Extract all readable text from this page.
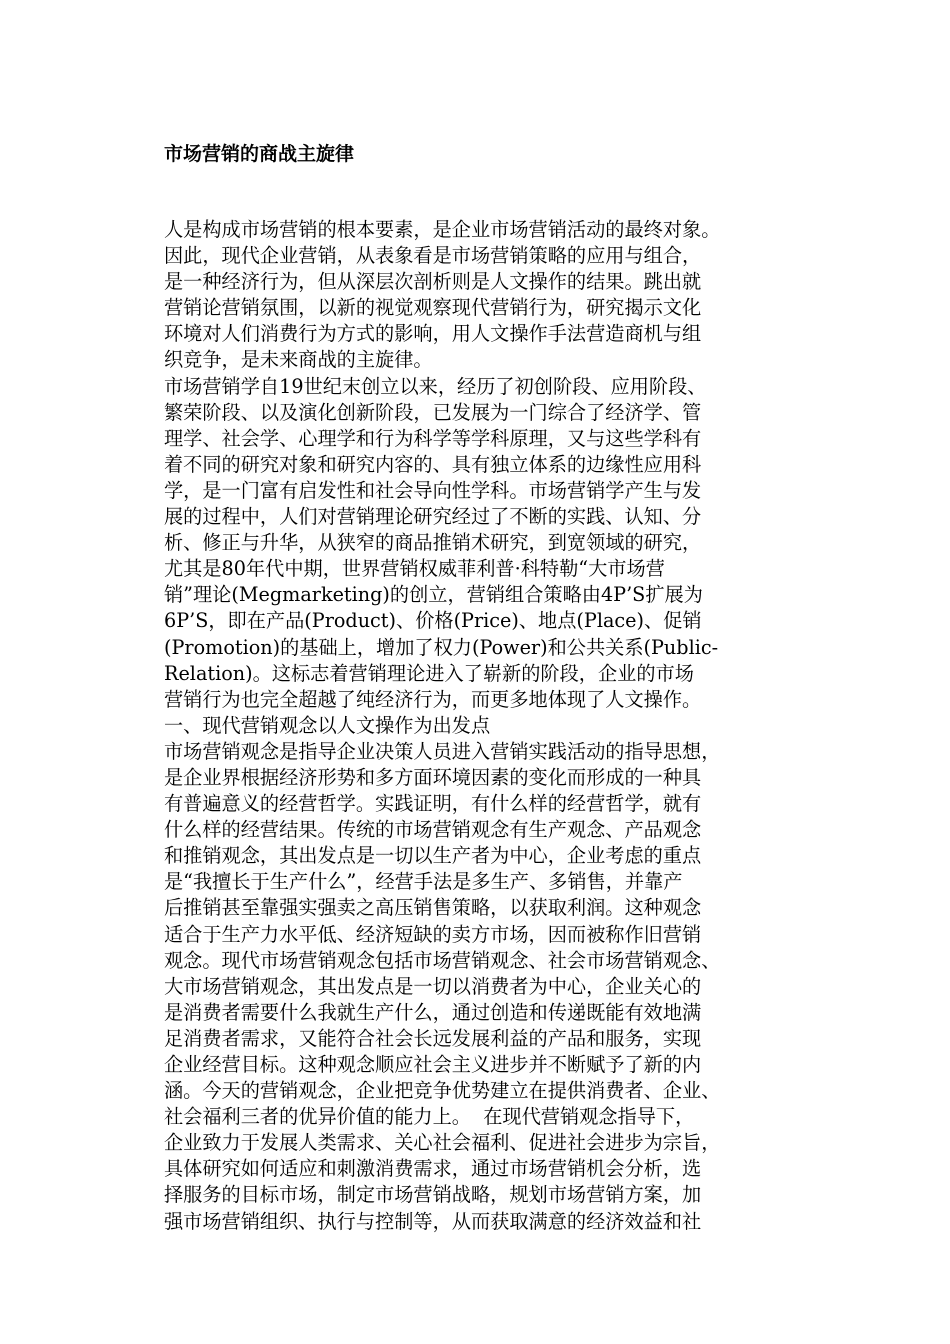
市场营销的商战主旋律
人是构成市场营销的根本要素，是企业市场营销活动的最终对象。
因此，现代企业营销，从表象看是市场营销策略的应用与组合，
是一种经济行为，但从深层次剖析则是人文操作的结果。跳出就
营销论营销氛围，以新的视觉观察现代营销行为，研究揭示文化
环境对人们消费行为方式的影响，用人文操作手法营造商机与组
织竞争，是未来商战的主旋律。
市场营销学自19世纪末创立以来，经历了初创阶段、应用阶段、
繁荣阶段、以及演化创新阶段，已发展为一门综合了经济学、管
理学、社会学、心理学和行为科学等学科原理，又与这些学科有
着不同的研究对象和研究内容的、具有独立体系的边缘性应用科
学，是一门富有启发性和社会导向性学科。市场营销学产生与发
展的过程中，人们对营销理论研究经过了不断的实践、认知、分
析、修正与升华，从狭窄的商品推销术研究，到宽领域的研究，
尤其是80年代中期，世界营销权威菲利普·科特勒“大市场营
销”理论(Megmarketing)的创立，营销组合策略由4P’S扩展为
6P’S，即在产品(Product)、价格(Price)、地点(Place)、促销
(Promotion)的基础上，增加了权力(Power)和公共关系(Public-
Relation)。这标志着营销理论进入了崭新的阶段，企业的市场
营销行为也完全超越了纯经济行为，而更多地体现了人文操作。
一、现代营销观念以人文操作为出发点
市场营销观念是指导企业决策人员进入营销实践活动的指导思想，
是企业界根据经济形势和多方面环境因素的变化而形成的一种具
有普遍意义的经营哲学。实践证明，有什么样的经营哲学，就有
什么样的经营结果。传统的市场营销观念有生产观念、产品观念
和推销观念，其出发点是一切以生产者为中心，企业考虑的重点
是“我擅长于生产什么”，经营手法是多生产、多销售，并靠产
后推销甚至靠强实强卖之高压销售策略，以获取利润。这种观念
适合于生产力水平低、经济短缺的卖方市场，因而被称作旧营销
观念。现代市场营销观念包括市场营销观念、社会市场营销观念、
大市场营销观念，其出发点是一切以消费者为中心，企业关心的
是消费者需要什么我就生产什么，通过创造和传递既能有效地满
足消费者需求，又能符合社会长远发展利益的产品和服务，实现
企业经营目标。这种观念顺应社会主义进步并不断赋予了新的内
涵。今天的营销观念，企业把竞争优势建立在提供消费者、企业、
社会福利三者的优异价值的能力上。  在现代营销观念指导下，
企业致力于发展人类需求、关心社会福利、促进社会进步为宗旨，
具体研究如何适应和刺激消费需求，通过市场营销机会分析，选
择服务的目标市场，制定市场营销战略，规划市场营销方案，加
强市场营销组织、执行与控制等，从而获取满意的经济效益和社
